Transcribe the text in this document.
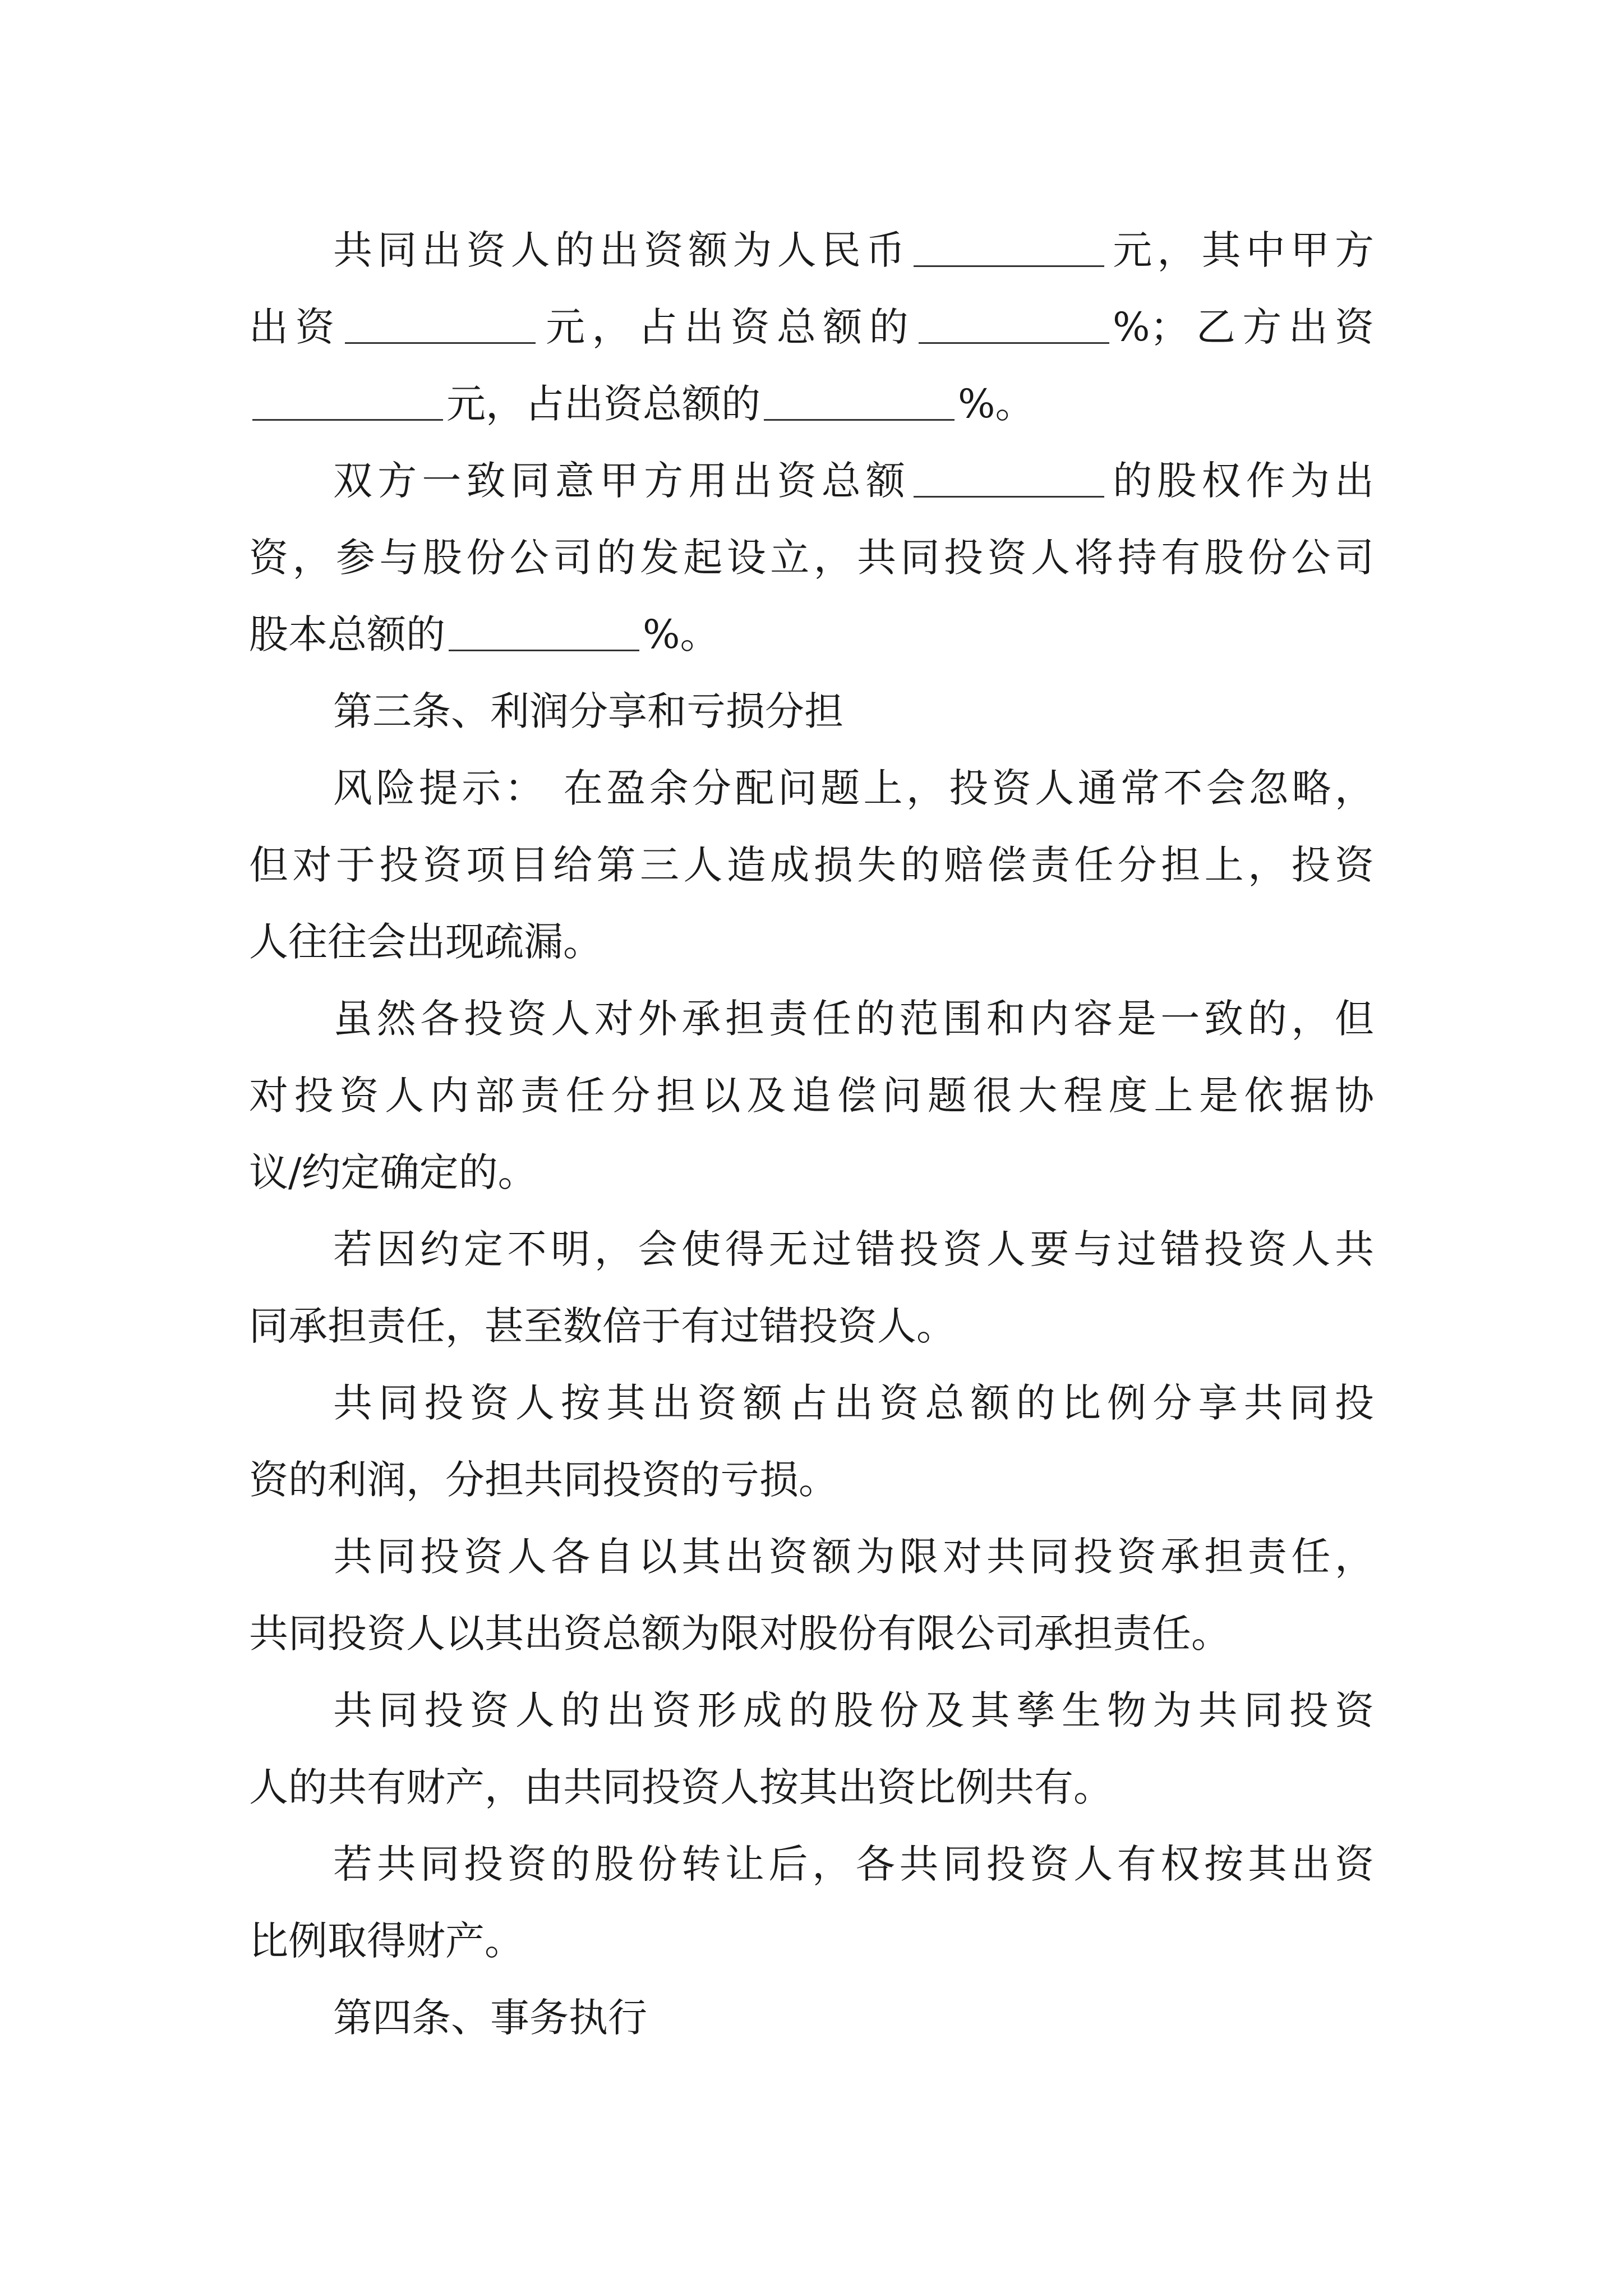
共同出资人的出资额为人民币	元，其中甲方
出资	元，占出资总额的	%；乙方出资
元，占出资总额的	%。
双方一致同意甲方用出资总额	的股权作为出
资，参与股份公司的发起设立，共同投资人将持有股份公司
股本总额的	%。
第三条、利润分享和亏损分担
风险提示： 在盈余分配问题上，投资人通常不会忽略，
但对于投资项目给第三人造成损失的赔偿责任分担上，投资
人往往会出现疏漏。
虽然各投资人对外承担责任的范围和内容是一致的，但
对投资人内部责任分担以及追偿问题很大程度上是依据协
议/约定确定的。
若因约定不明，会使得无过错投资人要与过错投资人共
同承担责任，甚至数倍于有过错投资人。
共同投资人按其出资额占出资总额的比例分享共同投
资的利润，分担共同投资的亏损。
共同投资人各自以其出资额为限对共同投资承担责任，
共同投资人以其出资总额为限对股份有限公司承担责任。
共同投资人的出资形成的股份及其孳生物为共同投资
人的共有财产，由共同投资人按其出资比例共有。
若共同投资的股份转让后，各共同投资人有权按其出资
比例取得财产。
第四条、事务执行
